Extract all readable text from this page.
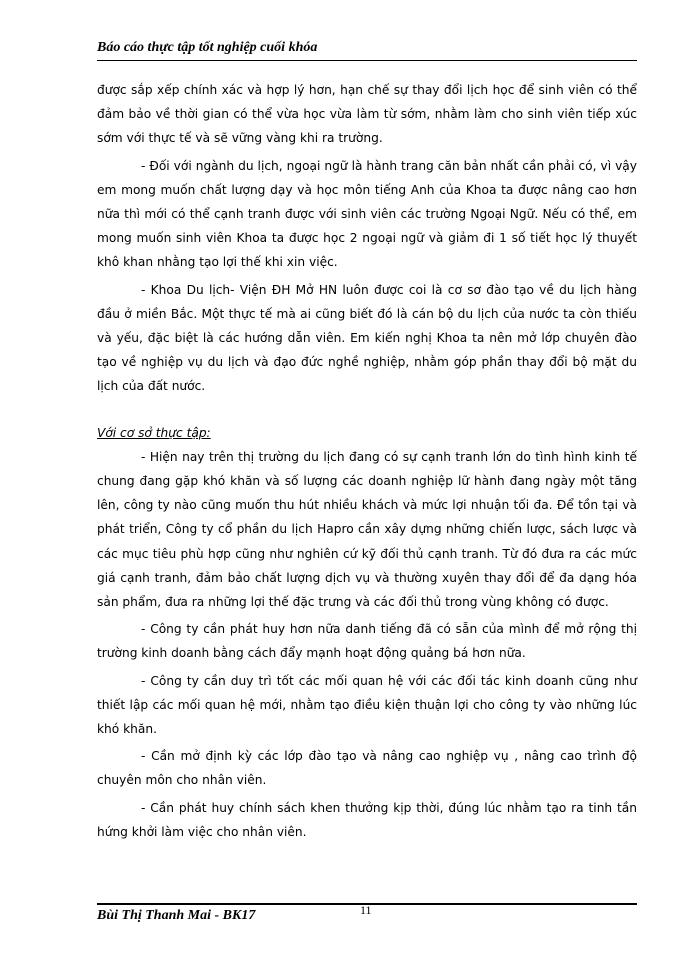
Báo cáo thực tập tốt nghiệp cuối khóa

được sắp xếp chính xác và hợp lý hơn, hạn chế sự thay đổi lịch học để sinh viên có thể đảm bảo về thời gian có thể vừa học vừa làm từ sớm, nhằm làm cho sinh viên tiếp xúc sớm với thực tế và sẽ vững vàng khi ra trường.

- Đối với ngành du lịch, ngoại ngữ là hành trang căn bản nhất cần phải có, vì vậy em mong muốn chất lượng dạy và học môn tiếng Anh của Khoa ta được nâng cao hơn nữa thì mới có thể cạnh tranh được với sinh viên các trường Ngoại Ngữ. Nếu có thể, em mong muốn sinh viên Khoa ta được học 2 ngoại ngữ và giảm đi 1 số tiết học lý thuyết khô khan nhằng tạo lợi thế khi xin việc.

- Khoa Du lịch- Viện ĐH Mở HN luôn được coi là cơ sơ đào tạo về du lịch hàng đầu ở miền Bắc. Một thực tế mà ai cũng biết đó là cán bộ du lịch của nước ta còn thiếu và yếu, đặc biệt là các hướng dẫn viên. Em kiến nghị Khoa ta nên mở lớp chuyên đào tạo về nghiệp vụ du lịch và đạo đức nghề nghiệp, nhằm góp phần thay đổi bộ mặt du lịch của đất nước.

Với cơ sở thực tập:

- Hiện nay trên thị trường du lịch đang có sự cạnh tranh lớn do tình hình kinh tế chung đang gặp khó khăn và số lượng các doanh nghiệp lữ hành đang ngày một tăng lên, công ty nào cũng muốn thu hút nhiều khách và mức lợi nhuận tối đa. Để tồn tại và phát triển, Công ty cổ phần du lịch Hapro cần xây dựng những chiến lược, sách lược và các mục tiêu phù hợp cũng như nghiên cứ kỹ đối thủ cạnh tranh. Từ đó đưa ra các mức giá cạnh tranh, đảm bảo chất lượng dịch vụ và thường xuyên thay đổi để đa dạng hóa sản phẩm, đưa ra những lợi thế đặc trưng và các đối thủ trong vùng không có được.

- Công ty cần phát huy hơn nữa danh tiếng đã có sẵn của mình để mở rộng thị trường kinh doanh bằng cách đẩy mạnh hoạt động quảng bá hơn nữa.

- Công ty cần duy trì tốt các mối quan hệ với các đối tác kinh doanh cũng như thiết lập các mối quan hệ mới, nhằm tạo điều kiện thuận lợi cho công ty vào những lúc khó khăn.

- Cần mở định kỳ các lớp đào tạo và nâng cao nghiệp vụ , nâng cao trình độ chuyên môn cho nhân viên.

- Cần phát huy chính sách khen thưởng kịp thời, đúng lúc nhằm tạo ra tinh tần hứng khởi làm việc cho nhân viên.

Bùi Thị Thanh Mai - BK17	11
